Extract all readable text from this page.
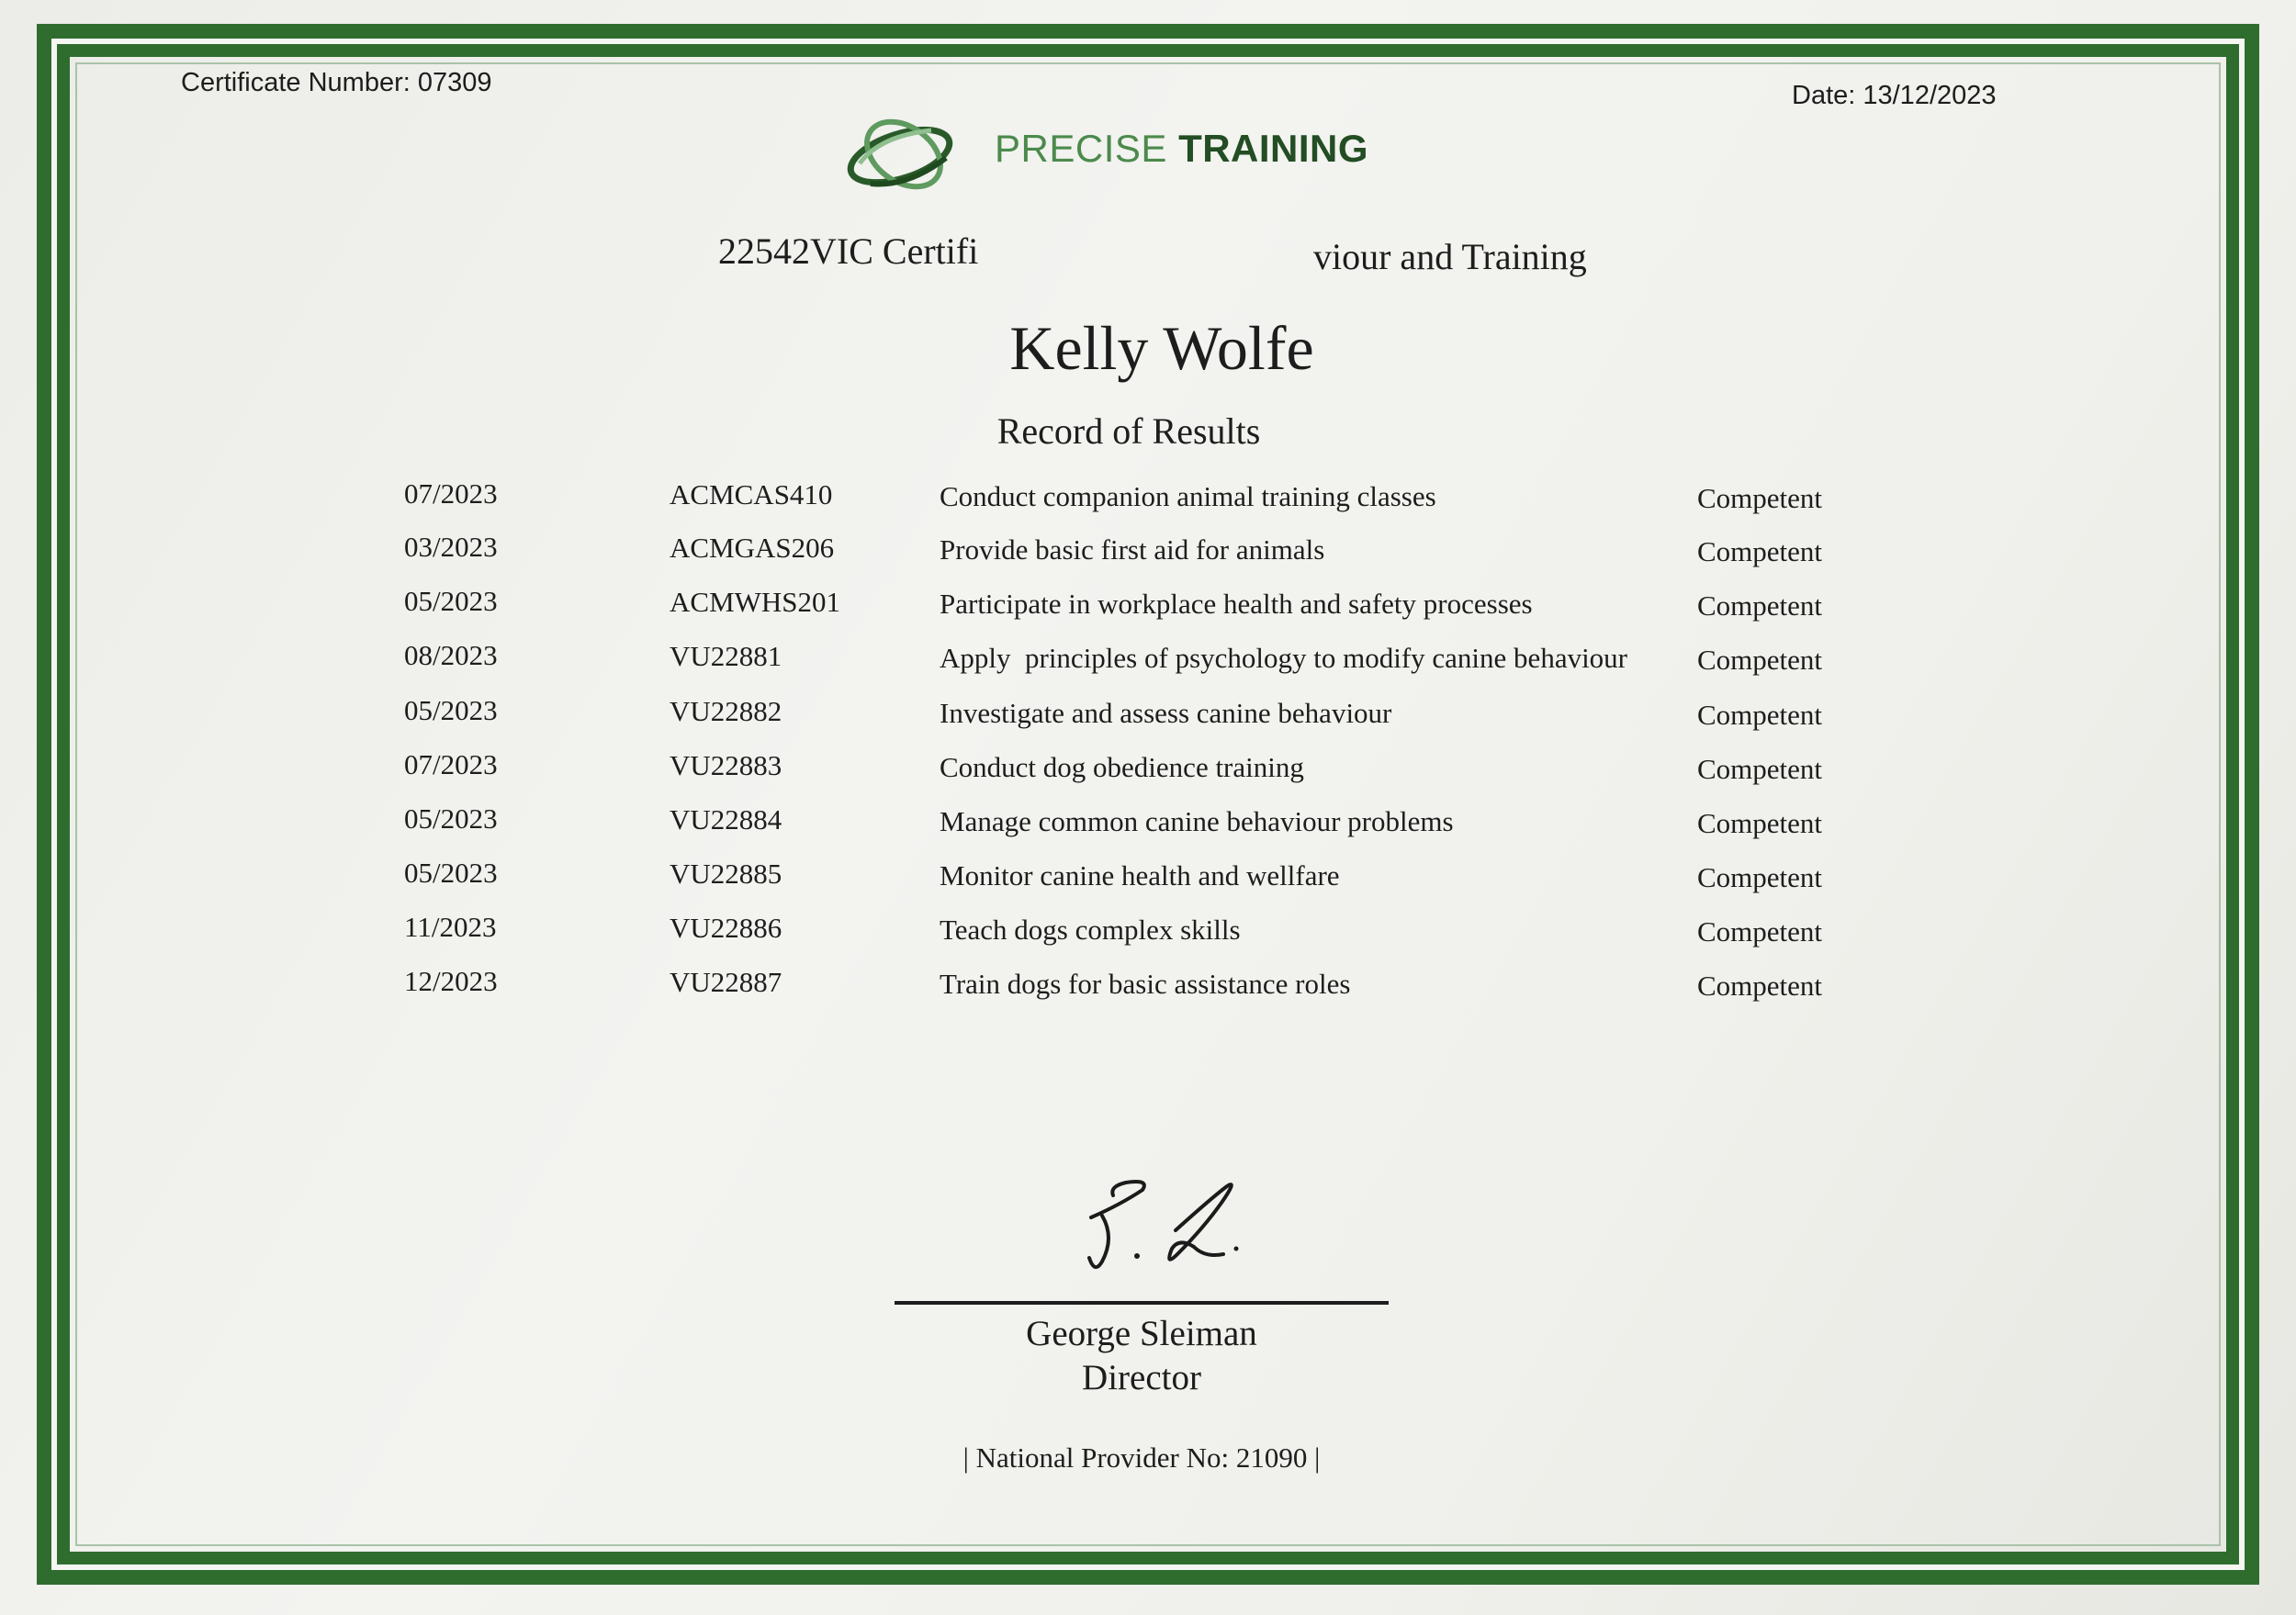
Certificate Number: 07309	Date: 13/12/2023
PRECISE TRAINING
22542VIC Certifi	viour and Training
Kelly Wolfe
Record of Results
07/2023	ACMCAS410	Conduct companion animal training classes	Competent
03/2023	ACMGAS206	Provide basic first aid for animals	Competent
05/2023	ACMWHS201	Participate in workplace health and safety processes	Competent
08/2023	VU22881	Apply  principles of psychology to modify canine behaviour Competent
05/2023	VU22882	Investigate and assess canine behaviour	Competent
07/2023	VU22883	Conduct dog obedience training	Competent
05/2023	VU22884	Manage common canine behaviour problems	Competent
05/2023	VU22885	Monitor canine health and wellfare	Competent
11/2023	VU22886	Teach dogs complex skills	Competent
12/2023	VU22887	Train dogs for basic assistance roles	Competent
George Sleiman
Director
| National Provider No: 21090 |
